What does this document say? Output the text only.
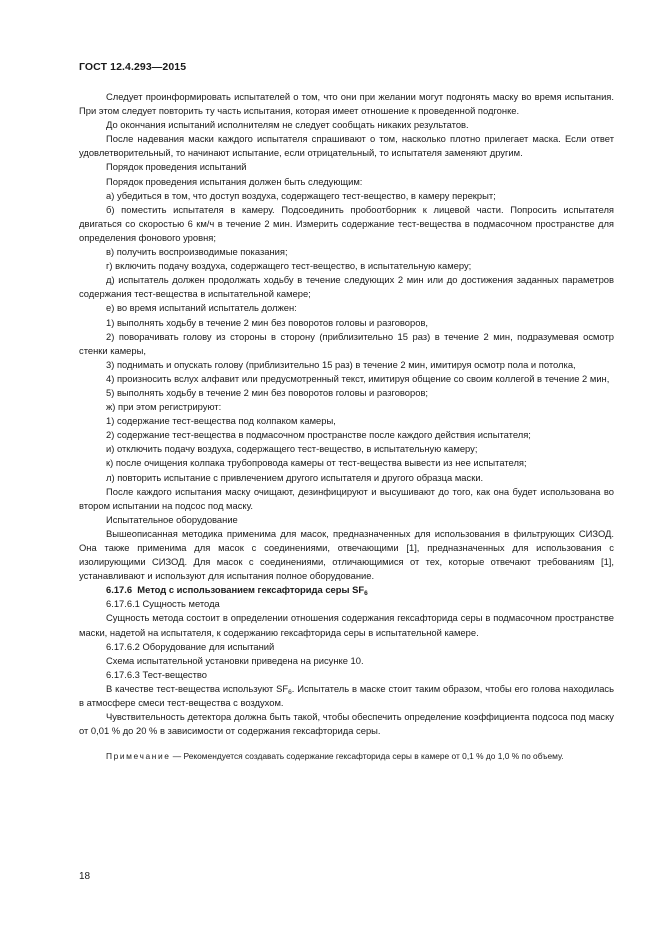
ГОСТ 12.4.293—2015

Следует проинформировать испытателей о том, что они при желании могут подгонять маску во время испытания. При этом следует повторить ту часть испытания, которая имеет отношение к проведенной подгонке.

До окончания испытаний исполнителям не следует сообщать никаких результатов.

После надевания маски каждого испытателя спрашивают о том, насколько плотно прилегает маска. Если ответ удовлетворительный, то начинают испытание, если отрицательный, то испытателя заменяют другим.

Порядок проведения испытаний

Порядок проведения испытания должен быть следующим:

а) убедиться в том, что доступ воздуха, содержащего тест-вещество, в камеру перекрыт;

б) поместить испытателя в камеру. Подсоединить пробоотборник к лицевой части. Попросить испытателя двигаться со скоростью 6 км/ч в течение 2 мин. Измерить содержание тест-вещества в подмасочном пространстве для определения фонового уровня;

в) получить воспроизводимые показания;

г) включить подачу воздуха, содержащего тест-вещество, в испытательную камеру;

д) испытатель должен продолжать ходьбу в течение следующих 2 мин или до достижения заданных параметров содержания тест-вещества в испытательной камере;

е) во время испытаний испытатель должен:

1) выполнять ходьбу в течение 2 мин без поворотов головы и разговоров,

2) поворачивать голову из стороны в сторону (приблизительно 15 раз) в течение 2 мин, подразумевая осмотр стенки камеры,

3) поднимать и опускать голову (приблизительно 15 раз) в течение 2 мин, имитируя осмотр пола и потолка,

4) произносить вслух алфавит или предусмотренный текст, имитируя общение со своим коллегой в течение 2 мин,

5) выполнять ходьбу в течение 2 мин без поворотов головы и разговоров;

ж) при этом регистрируют:

1) содержание тест-вещества под колпаком камеры,

2) содержание тест-вещества в подмасочном пространстве после каждого действия испытателя;

и) отключить подачу воздуха, содержащего тест-вещество, в испытательную камеру;

к) после очищения колпака трубопровода камеры от тест-вещества вывести из нее испытателя;

л) повторить испытание с привлечением другого испытателя и другого образца маски.

После каждого испытания маску очищают, дезинфицируют и высушивают до того, как она будет использована во втором испытании на подсос под маску.

Испытательное оборудование

Вышеописанная методика применима для масок, предназначенных для использования в фильтрующих СИЗОД. Она также применима для масок с соединениями, отвечающими [1], предназначенных для использования с изолирующими СИЗОД. Для масок с соединениями, отличающимися от тех, которые отвечают требованиям [1], устанавливают и используют для испытания полное оборудование.

6.17.6 Метод с использованием гексафторида серы $SF_6$

6.17.6.1 Сущность метода

Сущность метода состоит в определении отношения содержания гексафторида серы в подмасочном пространстве маски, надетой на испытателя, к содержанию гексафторида серы в испытательной камере.

6.17.6.2 Оборудование для испытаний

Схема испытательной установки приведена на рисунке 10.

6.17.6.3 Тест-вещество

В качестве тест-вещества используют $SF_6$. Испытатель в маске стоит таким образом, чтобы его голова находилась в атмосфере смеси тест-вещества с воздухом.

Чувствительность детектора должна быть такой, чтобы обеспечить определение коэффициента подсоса под маску от 0,01 % до 20 % в зависимости от содержания гексафторида серы.

Примечание — Рекомендуется создавать содержание гексафторида серы в камере от 0,1 % до 1,0 % по объему.

18
